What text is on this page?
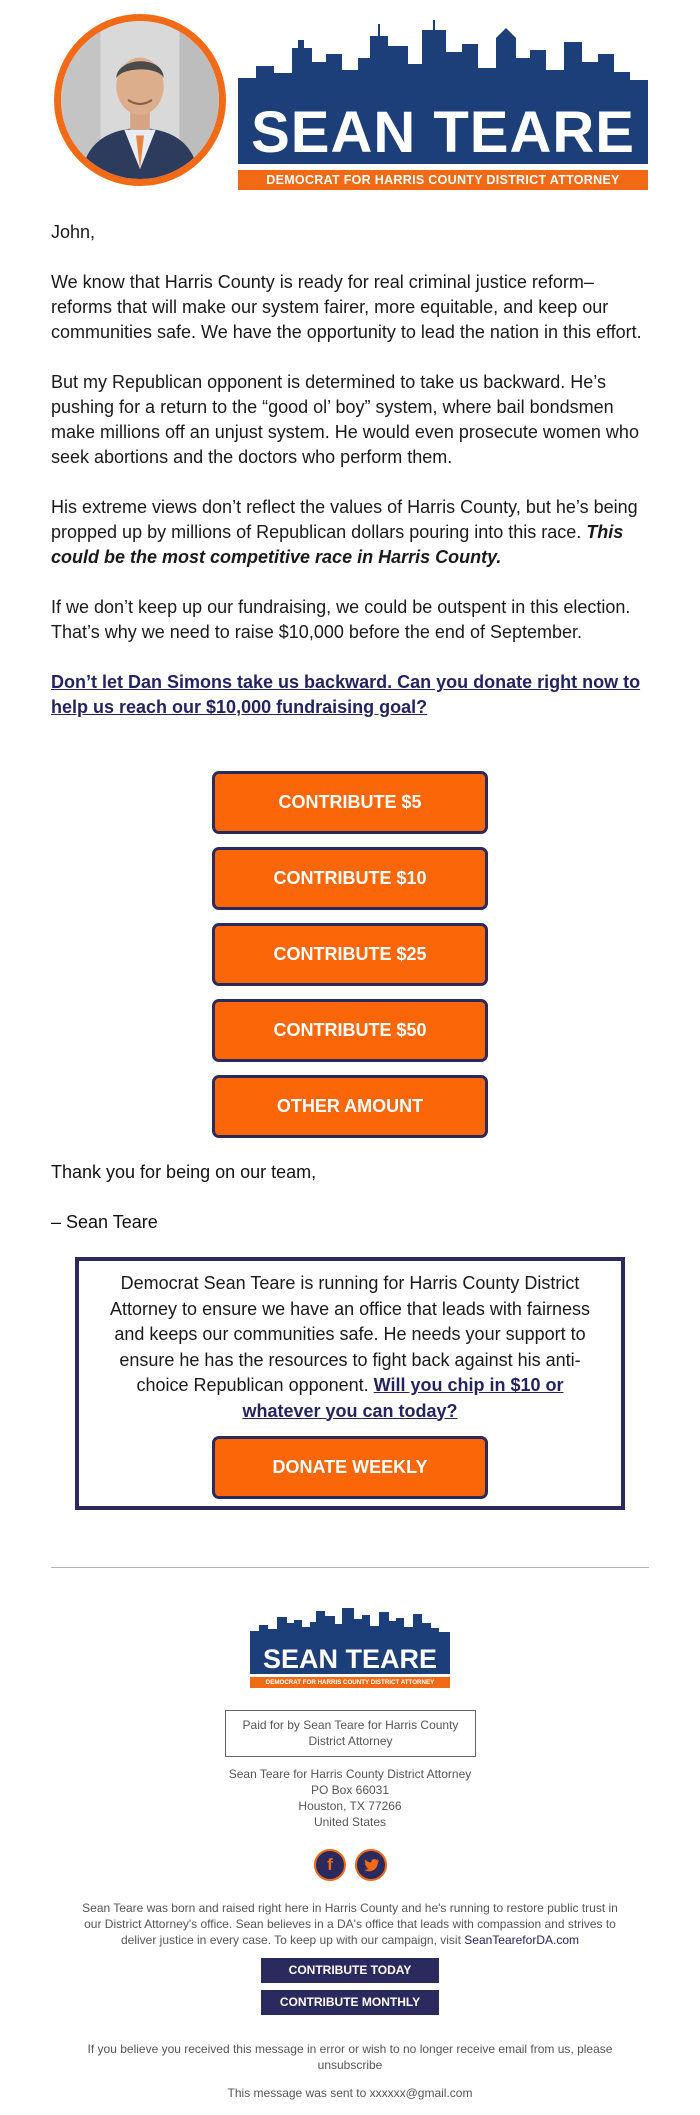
SEAN TEARE
DEMOCRAT FOR HARRIS COUNTY DISTRICT ATTORNEY

John,

We know that Harris County is ready for real criminal justice reform–reforms that will make our system fairer, more equitable, and keep our communities safe. We have the opportunity to lead the nation in this effort.

But my Republican opponent is determined to take us backward. He’s pushing for a return to the “good ol’ boy” system, where bail bondsmen make millions off an unjust system. He would even prosecute women who seek abortions and the doctors who perform them.

His extreme views don’t reflect the values of Harris County, but he’s being propped up by millions of Republican dollars pouring into this race. This could be the most competitive race in Harris County.

If we don’t keep up our fundraising, we could be outspent in this election. That’s why we need to raise $10,000 before the end of September.

Don’t let Dan Simons take us backward. Can you donate right now to help us reach our $10,000 fundraising goal?

CONTRIBUTE $5
CONTRIBUTE $10
CONTRIBUTE $25
CONTRIBUTE $50
OTHER AMOUNT

Thank you for being on our team,

– Sean Teare

Democrat Sean Teare is running for Harris County District Attorney to ensure we have an office that leads with fairness and keeps our communities safe. He needs your support to ensure he has the resources to fight back against his anti-choice Republican opponent. Will you chip in $10 or whatever you can today?
DONATE WEEKLY
SEAN TEARE
DEMOCRAT FOR HARRIS COUNTY DISTRICT ATTORNEY
Paid for by Sean Teare for Harris County District Attorney
Sean Teare for Harris County District Attorney
PO Box 66031
Houston, TX 77266
United States
f
Sean Teare was born and raised right here in Harris County and he's running to restore public trust in our District Attorney's office. Sean believes in a DA's office that leads with compassion and strives to deliver justice in every case. To keep up with our campaign, visit SeanTeareforDA.com
CONTRIBUTE TODAY
CONTRIBUTE MONTHLY
If you believe you received this message in error or wish to no longer receive email from us, please unsubscribe
This message was sent to xxxxxx@gmail.com
